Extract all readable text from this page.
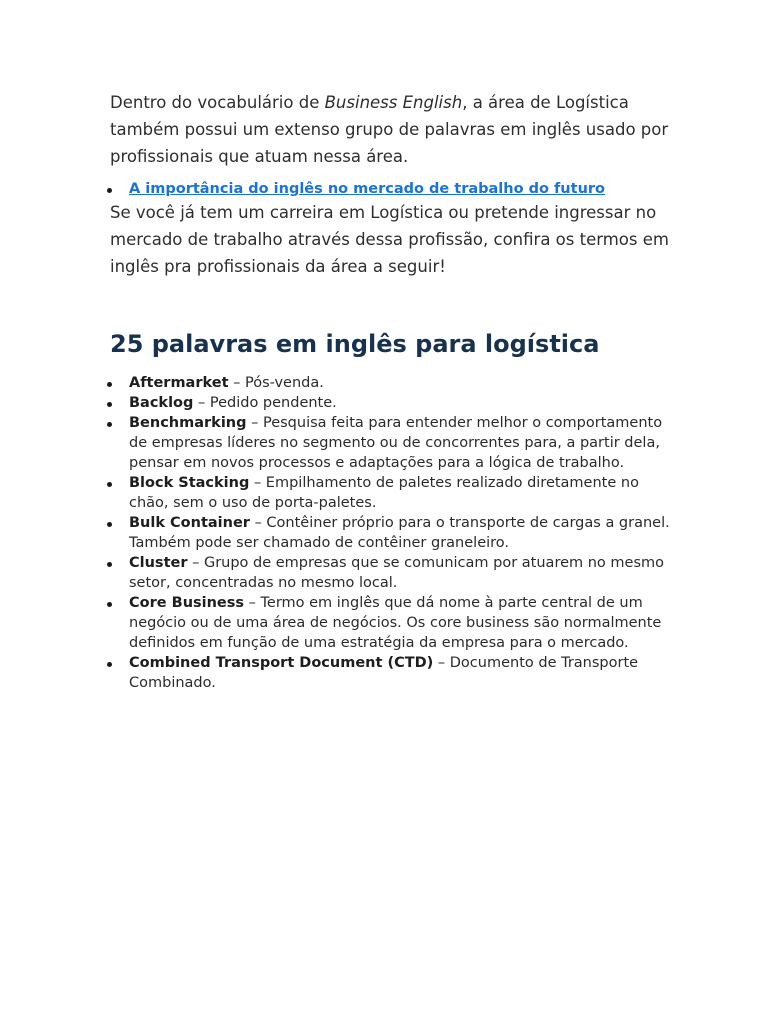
Dentro do vocabulário de Business English, a área de Logística também possui um extenso grupo de palavras em inglês usado por profissionais que atuam nessa área.

A importância do inglês no mercado de trabalho do futuro

Se você já tem um carreira em Logística ou pretende ingressar no mercado de trabalho através dessa profissão, confira os termos em inglês pra profissionais da área a seguir!

25 palavras em inglês para logística
Aftermarket – Pós-venda.
Backlog – Pedido pendente.
Benchmarking – Pesquisa feita para entender melhor o comportamento de empresas líderes no segmento ou de concorrentes para, a partir dela, pensar em novos processos e adaptações para a lógica de trabalho.
Block Stacking – Empilhamento de paletes realizado diretamente no chão, sem o uso de porta-paletes.
Bulk Container – Contêiner próprio para o transporte de cargas a granel. Também pode ser chamado de contêiner graneleiro.
Cluster – Grupo de empresas que se comunicam por atuarem no mesmo setor, concentradas no mesmo local.
Core Business – Termo em inglês que dá nome à parte central de um negócio ou de uma área de negócios. Os core business são normalmente definidos em função de uma estratégia da empresa para o mercado.
Combined Transport Document (CTD) – Documento de Transporte Combinado.
